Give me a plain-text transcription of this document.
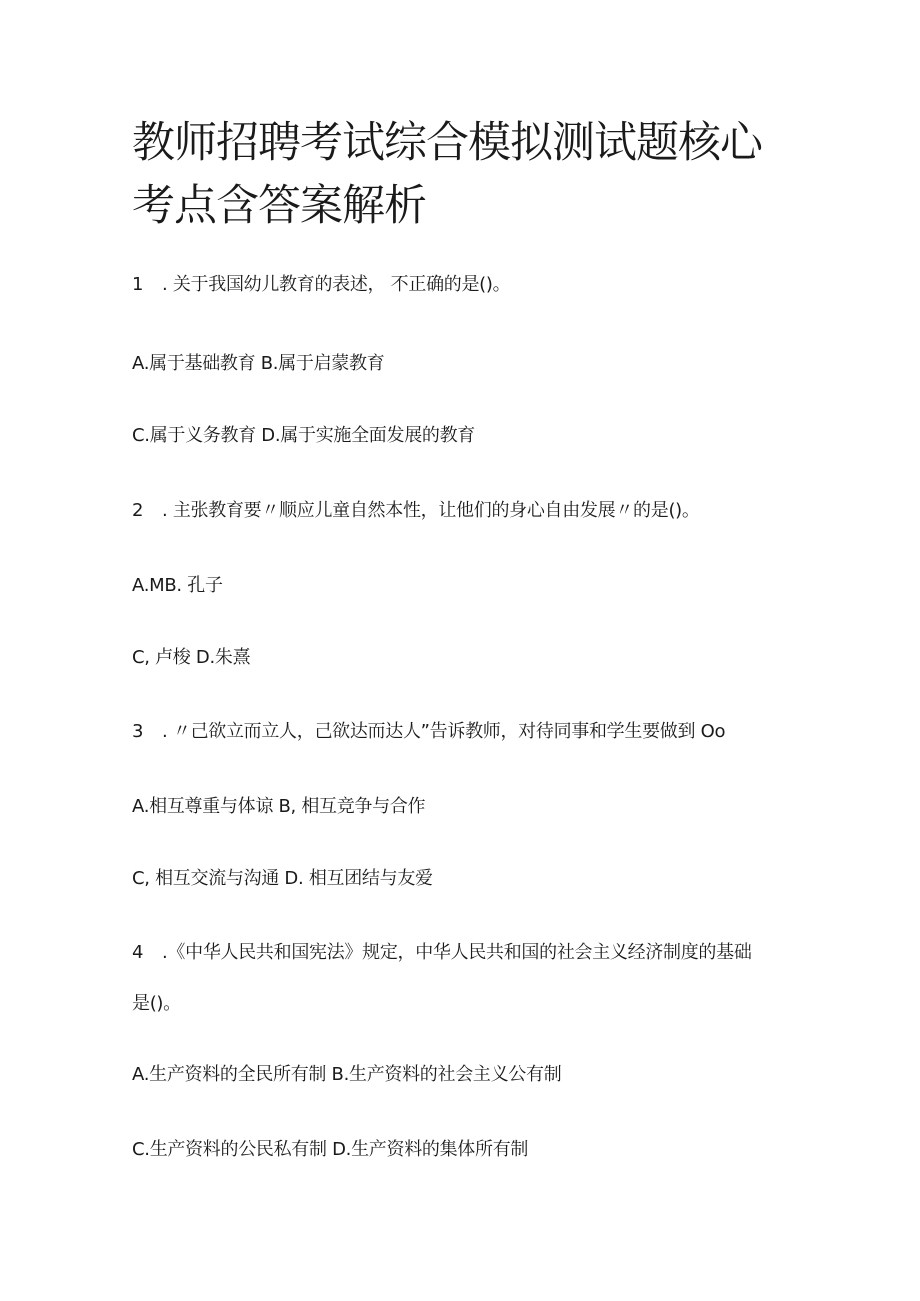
教师招聘考试综合模拟测试题核心考点含答案解析
1 . 关于我国幼儿教育的表述， 不正确的是()。
A.属于基础教育 B.属于启蒙教育
C.属于义务教育 D.属于实施全面发展的教育
2 . 主张教育要〃顺应儿童自然本性，让他们的身心自由发展〃的是()。
A.MB. 孔子
C, 卢梭 D.朱熹
3 . 〃己欲立而立人，己欲达而达人”告诉教师，对待同事和学生要做到 Oo
A.相互尊重与体谅 B, 相互竞争与合作
C, 相互交流与沟通 D. 相互团结与友爱
4 .《中华人民共和国宪法》规定，中华人民共和国的社会主义经济制度的基础
是()。
A.生产资料的全民所有制 B.生产资料的社会主义公有制
C.生产资料的公民私有制 D.生产资料的集体所有制
